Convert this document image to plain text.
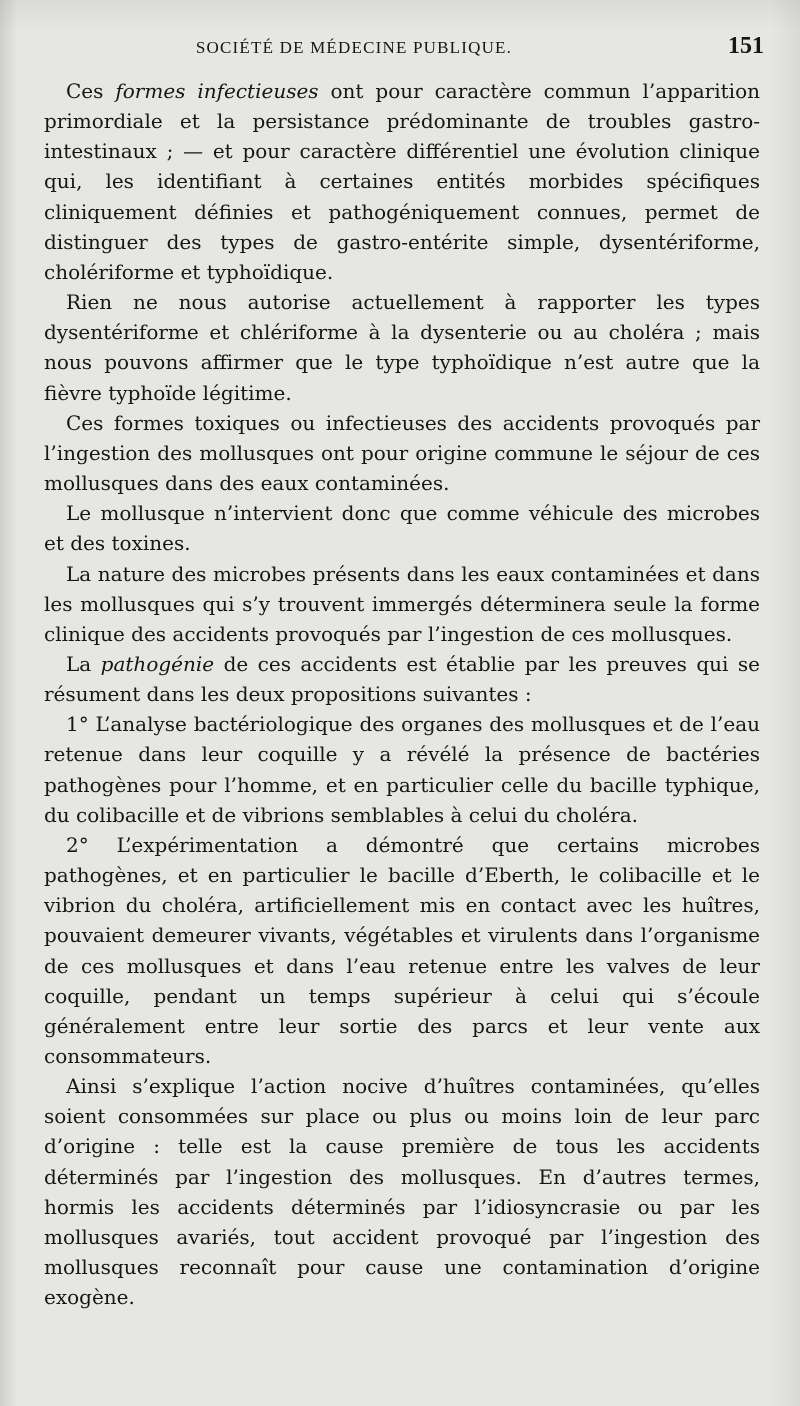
SOCIÉTÉ DE MÉDECINE PUBLIQUE.	151

Ces formes infectieuses ont pour caractère commun l’apparition primordiale et la persistance prédominante de troubles gastro-intestinaux ; — et pour caractère différentiel une évolution clinique qui, les identifiant à certaines entités morbides spécifiques cliniquement définies et pathogéniquement connues, permet de distinguer des types de gastro-entérite simple, dysentériforme, cholériforme et typhoïdique.

Rien ne nous autorise actuellement à rapporter les types dysentériforme et chlériforme à la dysenterie ou au choléra ; mais nous pouvons affirmer que le type typhoïdique n’est autre que la fièvre typhoïde légitime.

Ces formes toxiques ou infectieuses des accidents provoqués par l’ingestion des mollusques ont pour origine commune le séjour de ces mollusques dans des eaux contaminées.

Le mollusque n’intervient donc que comme véhicule des microbes et des toxines.

La nature des microbes présents dans les eaux contaminées et dans les mollusques qui s’y trouvent immergés déterminera seule la forme clinique des accidents provoqués par l’ingestion de ces mollusques.

La pathogénie de ces accidents est établie par les preuves qui se résument dans les deux propositions suivantes :

1° L’analyse bactériologique des organes des mollusques et de l’eau retenue dans leur coquille y a révélé la présence de bactéries pathogènes pour l’homme, et en particulier celle du bacille typhique, du colibacille et de vibrions semblables à celui du choléra.

2° L’expérimentation a démontré que certains microbes pathogènes, et en particulier le bacille d’Eberth, le colibacille et le vibrion du choléra, artificiellement mis en contact avec les huîtres, pouvaient demeurer vivants, végétables et virulents dans l’organisme de ces mollusques et dans l’eau retenue entre les valves de leur coquille, pendant un temps supérieur à celui qui s’écoule généralement entre leur sortie des parcs et leur vente aux consommateurs.

Ainsi s’explique l’action nocive d’huîtres contaminées, qu’elles soient consommées sur place ou plus ou moins loin de leur parc d’origine : telle est la cause première de tous les accidents déterminés par l’ingestion des mollusques. En d’autres termes, hormis les accidents déterminés par l’idiosyncrasie ou par les mollusques avariés, tout accident provoqué par l’ingestion des mollusques reconnaît pour cause une contamination d’origine exogène.
